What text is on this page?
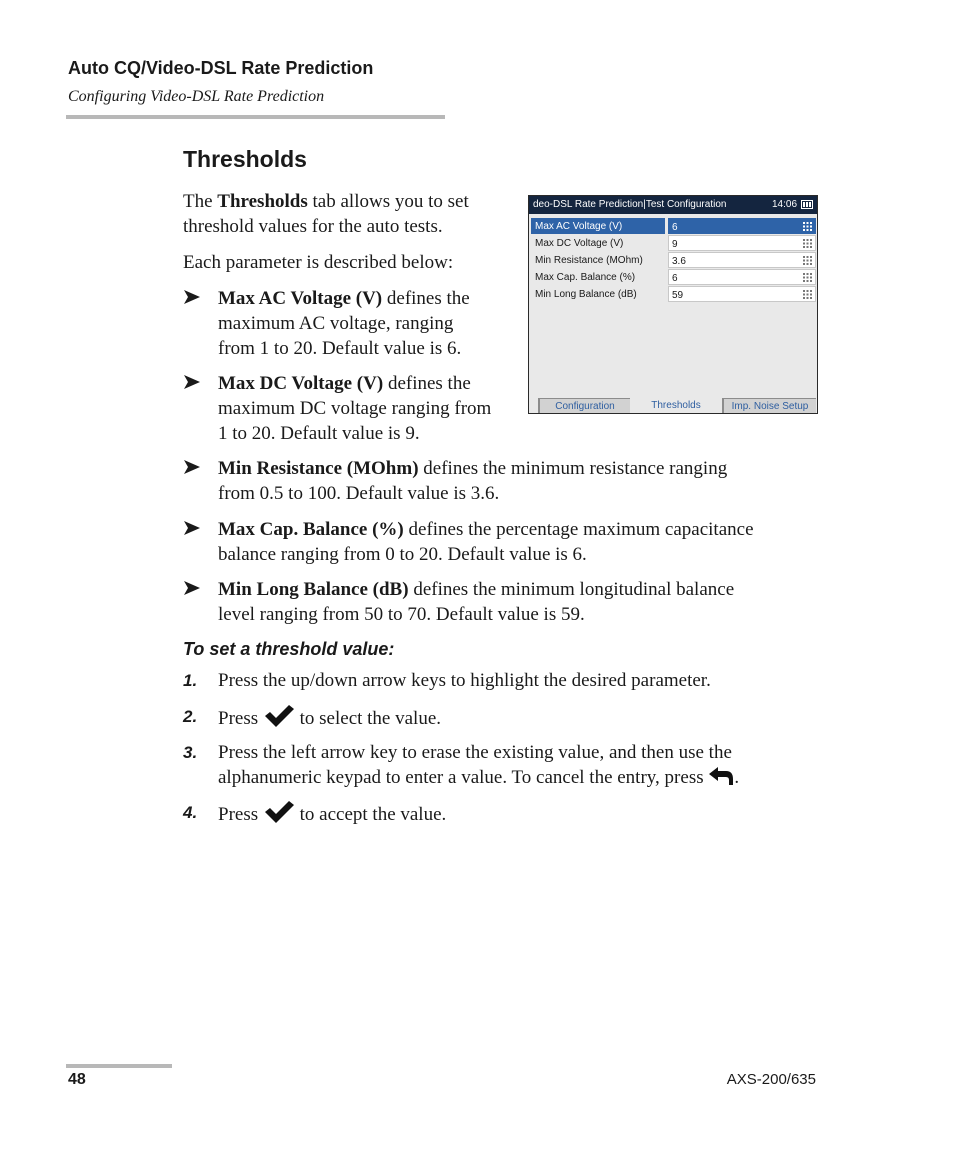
Auto CQ/Video-DSL Rate Prediction
Configuring Video-DSL Rate Prediction
Thresholds
The Thresholds tab allows you to set
threshold values for the auto tests.
Each parameter is described below:
Max AC Voltage (V) defines the
maximum AC voltage, ranging
from 1 to 20. Default value is 6.
Max DC Voltage (V) defines the
maximum DC voltage ranging from
1 to 20. Default value is 9.
Min Resistance (MOhm) defines the minimum resistance ranging
from 0.5 to 100. Default value is 3.6.
Max Cap. Balance (%) defines the percentage maximum capacitance
balance ranging from 0 to 20. Default value is 6.
Min Long Balance (dB) defines the minimum longitudinal balance
level ranging from 50 to 70. Default value is 59.
To set a threshold value:
1. Press the up/down arrow keys to highlight the desired parameter.
2. Press  to select the value.
3. Press the left arrow key to erase the existing value, and then use the
alphanumeric keypad to enter a value. To cancel the entry, press .
4. Press  to accept the value.
deo-DSL Rate Prediction|Test Configuration	14:06
Max AC Voltage (V)	6
Max DC Voltage (V)	9
Min Resistance (MOhm)	3.6
Max Cap. Balance (%)	6
Min Long Balance (dB)	59
Configuration	Thresholds	Imp. Noise Setup
48	AXS-200/635
